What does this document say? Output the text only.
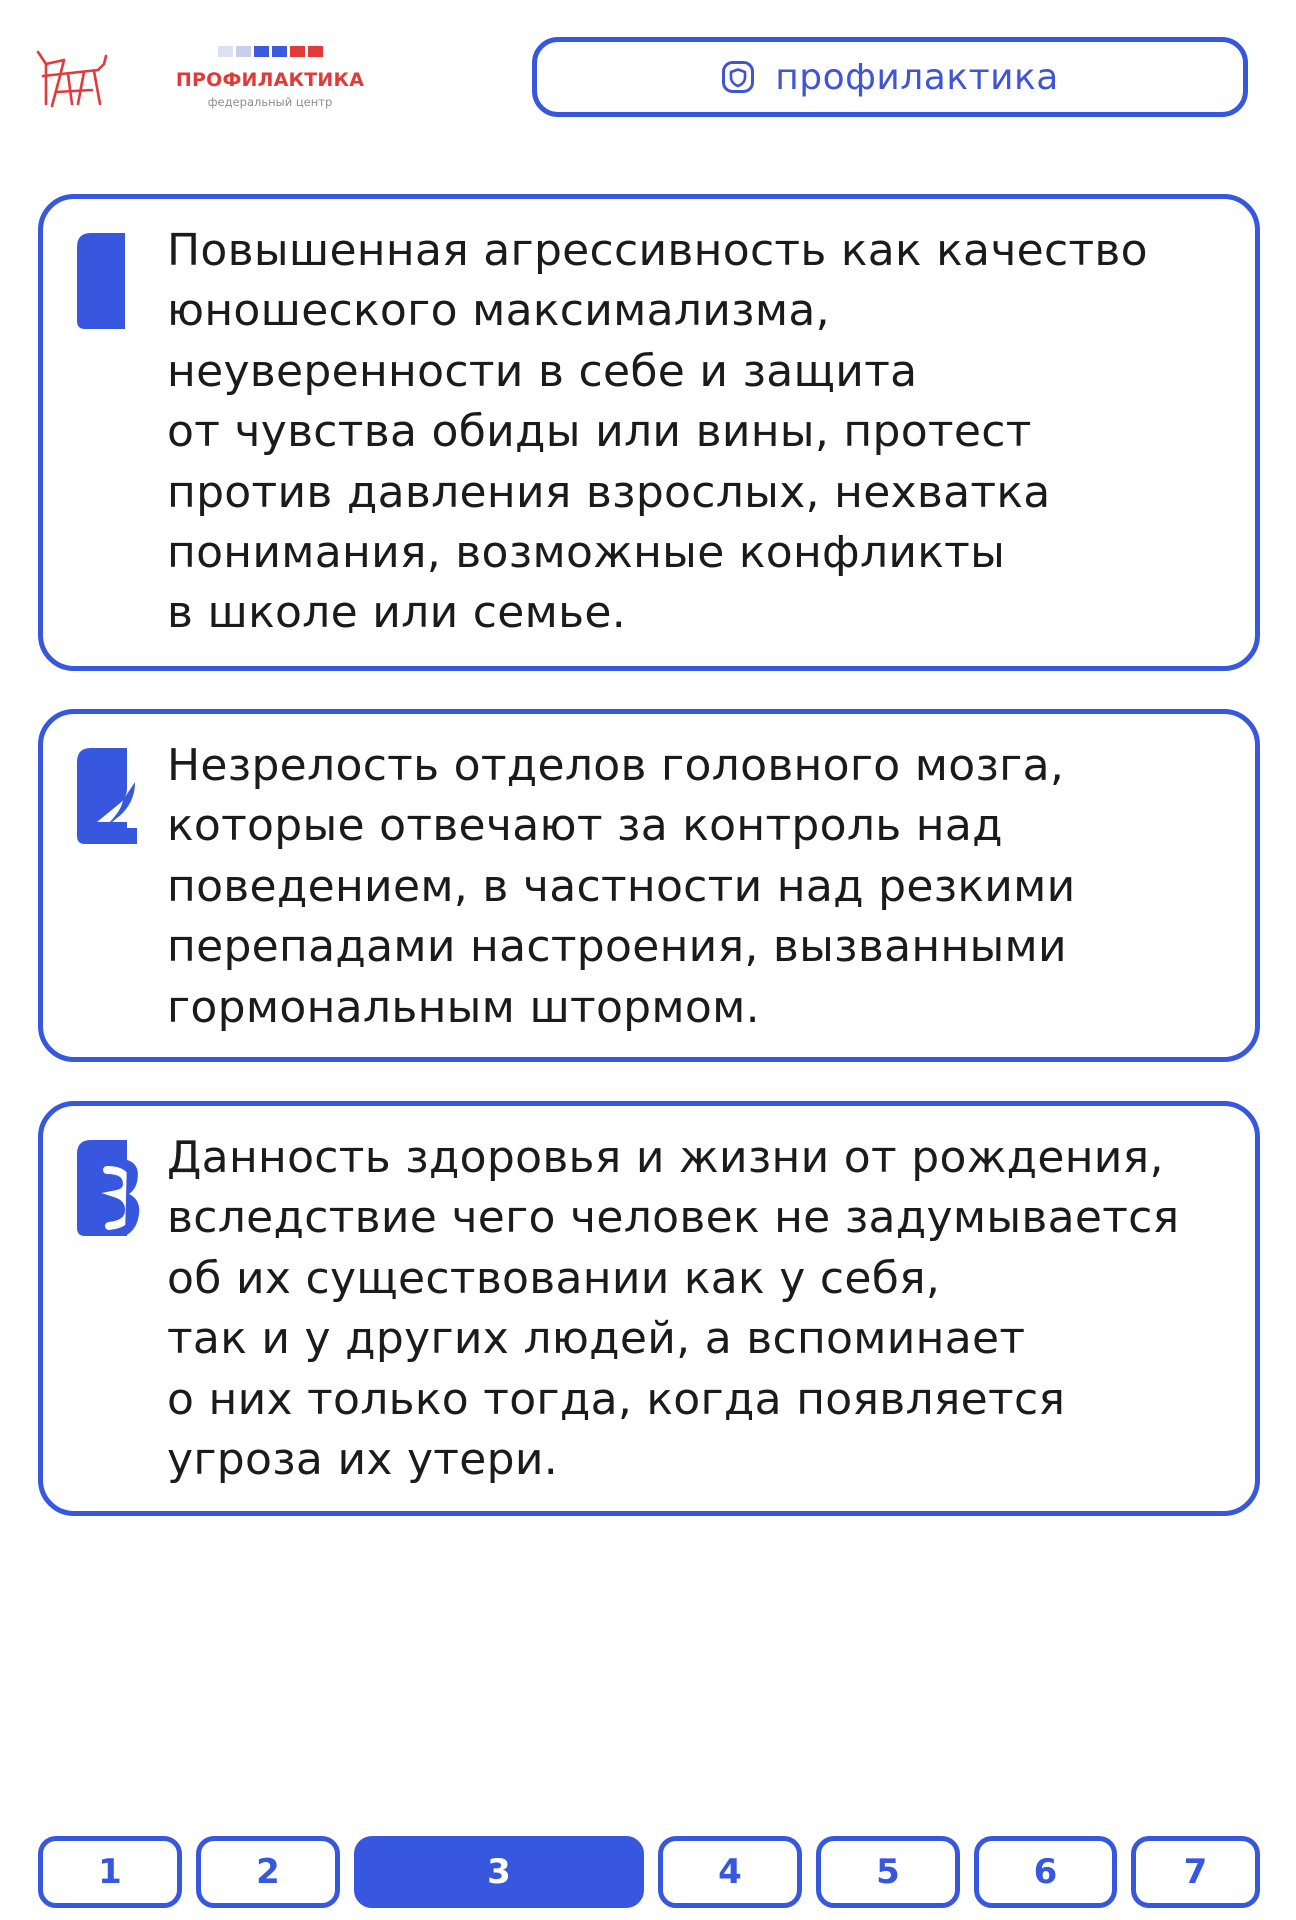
ПРОФИЛАКТИКА
федеральный центр
профилактика
Повышенная агрессивность как качество
юношеского максимализма,
неуверенности в себе и защита
от чувства обиды или вины, протест
против давления взрослых, нехватка
понимания, возможные конфликты
в школе или семье.
Незрелость отделов головного мозга,
которые отвечают за контроль над
поведением, в частности над резкими
перепадами настроения, вызванными
гормональным штормом.
Данность здоровья и жизни от рождения,
вследствие чего человек не задумывается
об их существовании как у себя,
так и у других людей, а вспоминает
о них только тогда, когда появляется
угроза их утери.
1	2	3	4	5	6	7
